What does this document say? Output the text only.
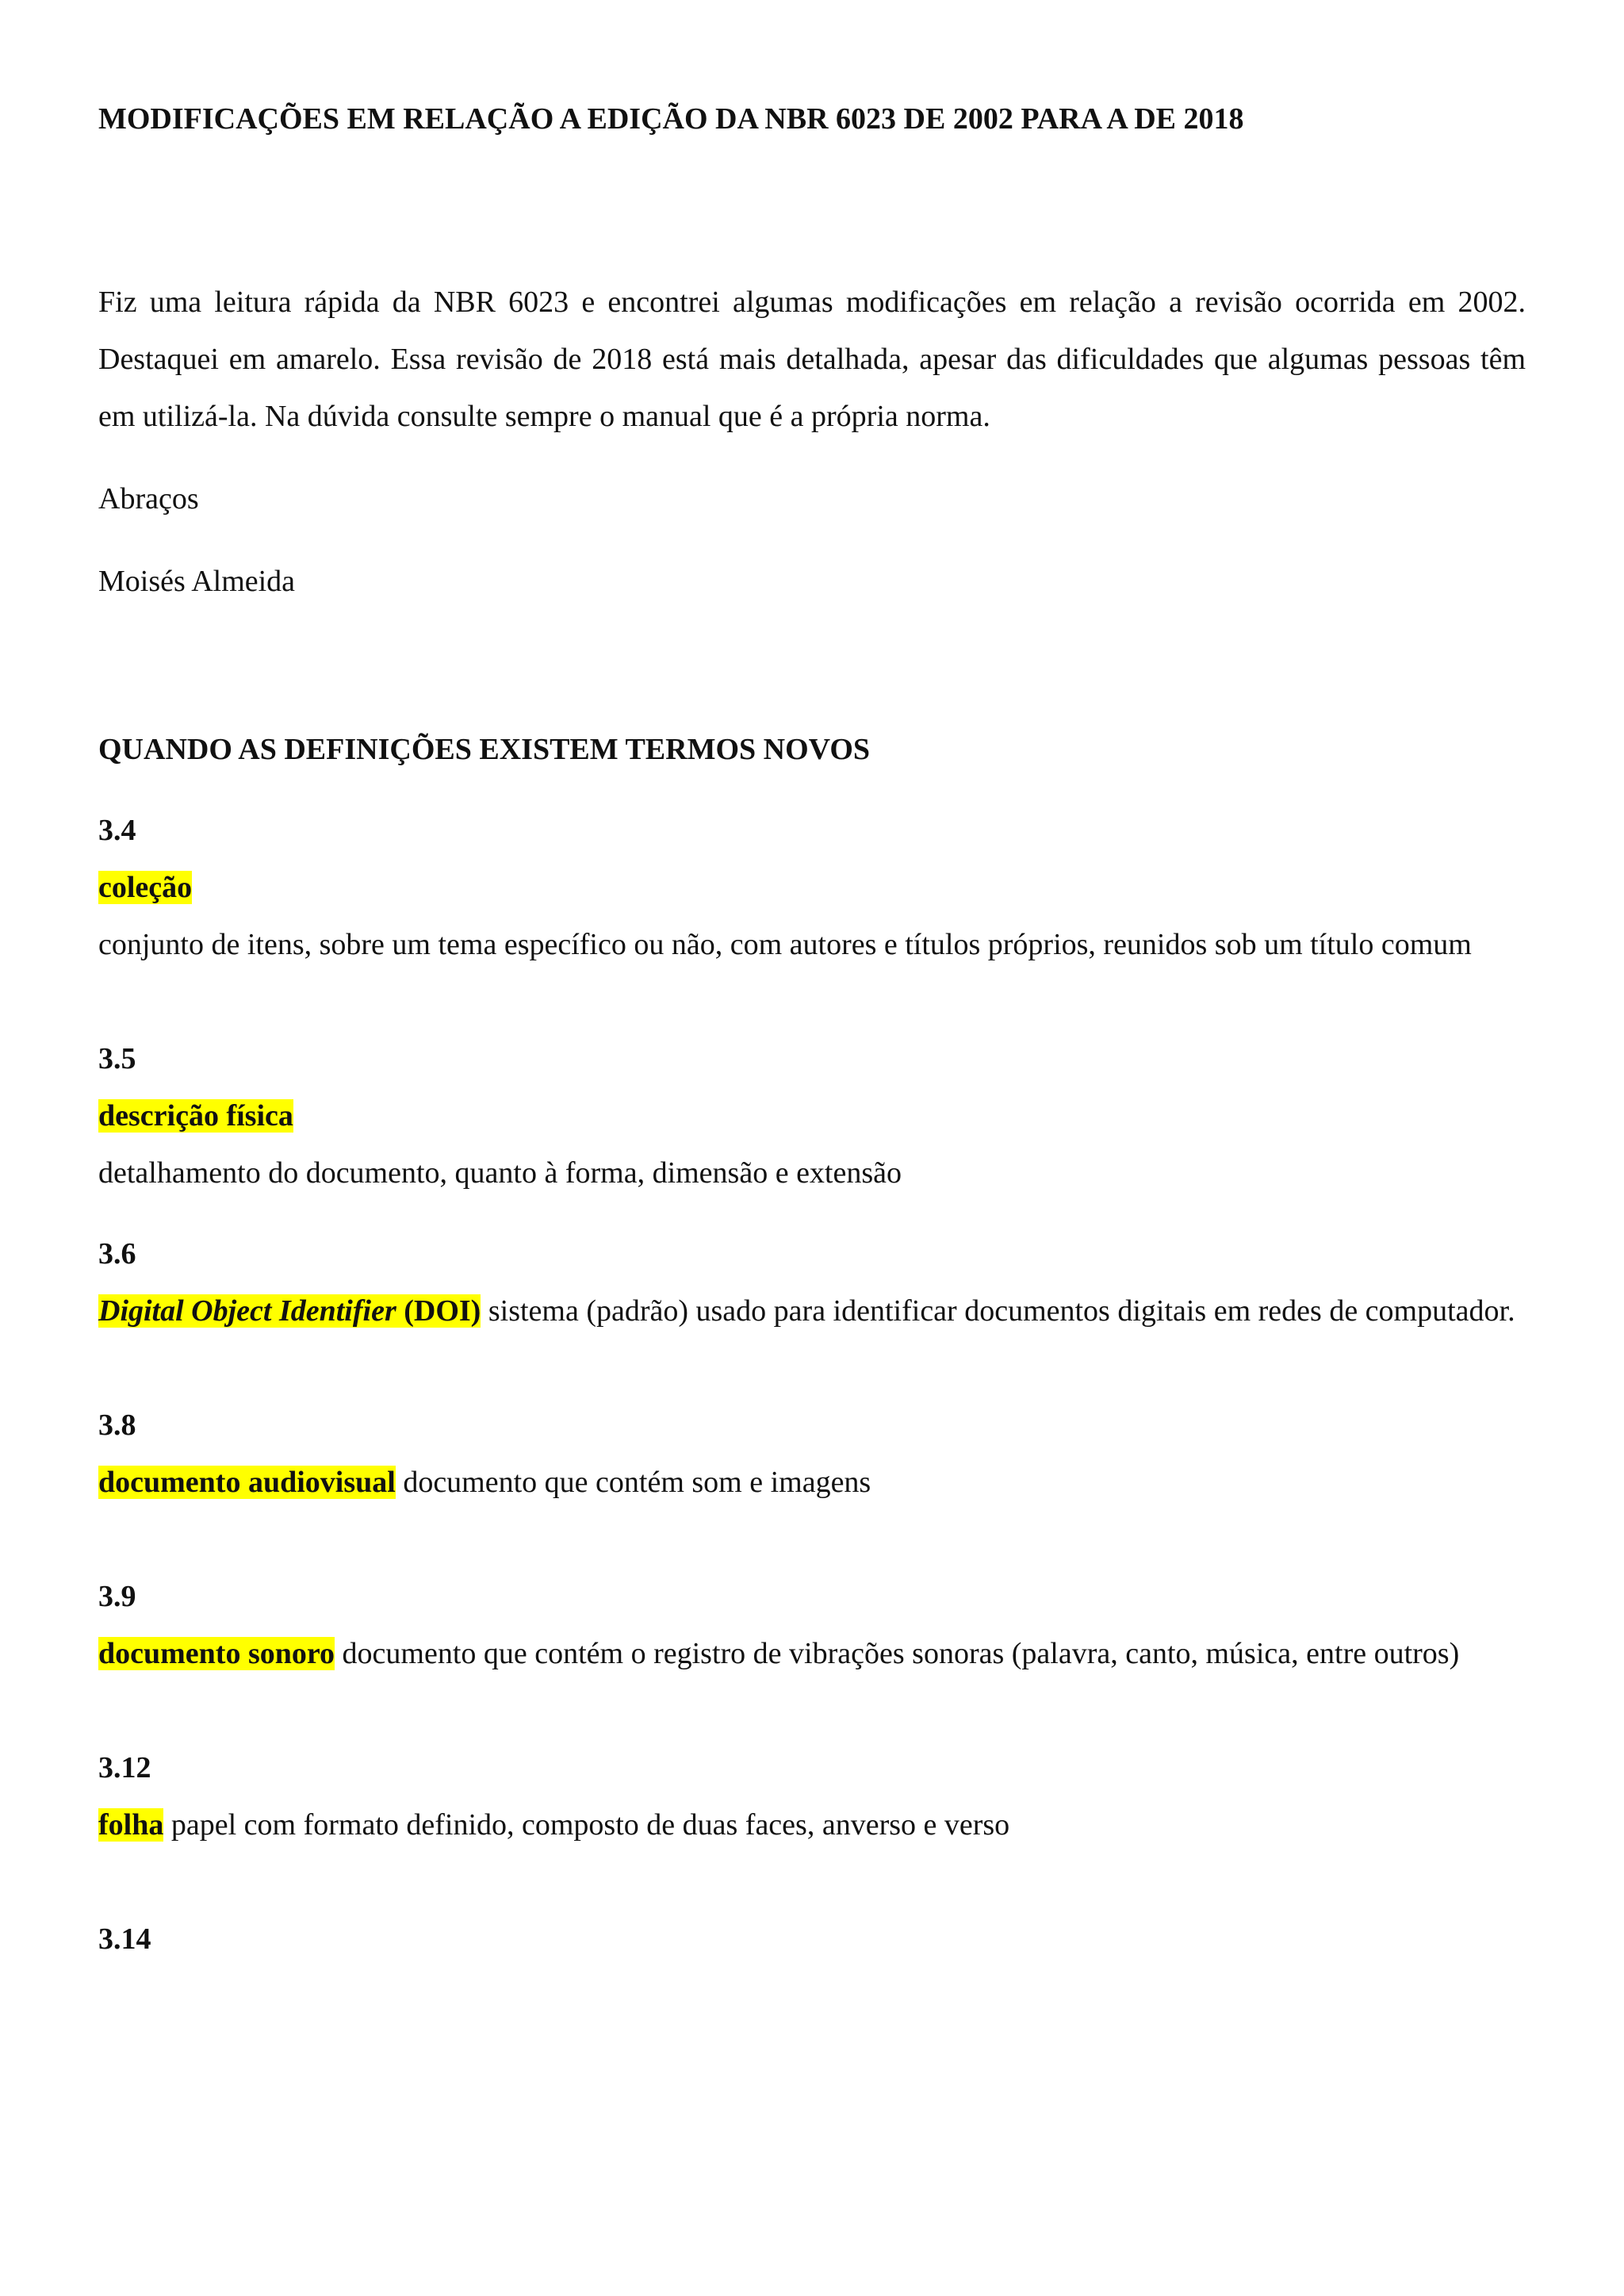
MODIFICAÇÕES EM RELAÇÃO A EDIÇÃO DA NBR 6023 DE 2002 PARA A DE 2018

Fiz uma leitura rápida da NBR 6023 e encontrei algumas modificações em relação a revisão ocorrida em 2002. Destaquei em amarelo. Essa revisão de 2018 está mais detalhada, apesar das dificuldades que algumas pessoas têm em utilizá-la. Na dúvida consulte sempre o manual que é a própria norma.

Abraços

Moisés Almeida

QUANDO AS DEFINIÇÕES EXISTEM TERMOS NOVOS

3.4

coleção

conjunto de itens, sobre um tema específico ou não, com autores e títulos próprios, reunidos sob um título comum

3.5

descrição física

detalhamento do documento, quanto à forma, dimensão e extensão

3.6

Digital Object Identifier (DOI) sistema (padrão) usado para identificar documentos digitais em redes de computador.

3.8

documento audiovisual documento que contém som e imagens

3.9

documento sonoro documento que contém o registro de vibrações sonoras (palavra, canto, música, entre outros)

3.12

folha papel com formato definido, composto de duas faces, anverso e verso

3.14
